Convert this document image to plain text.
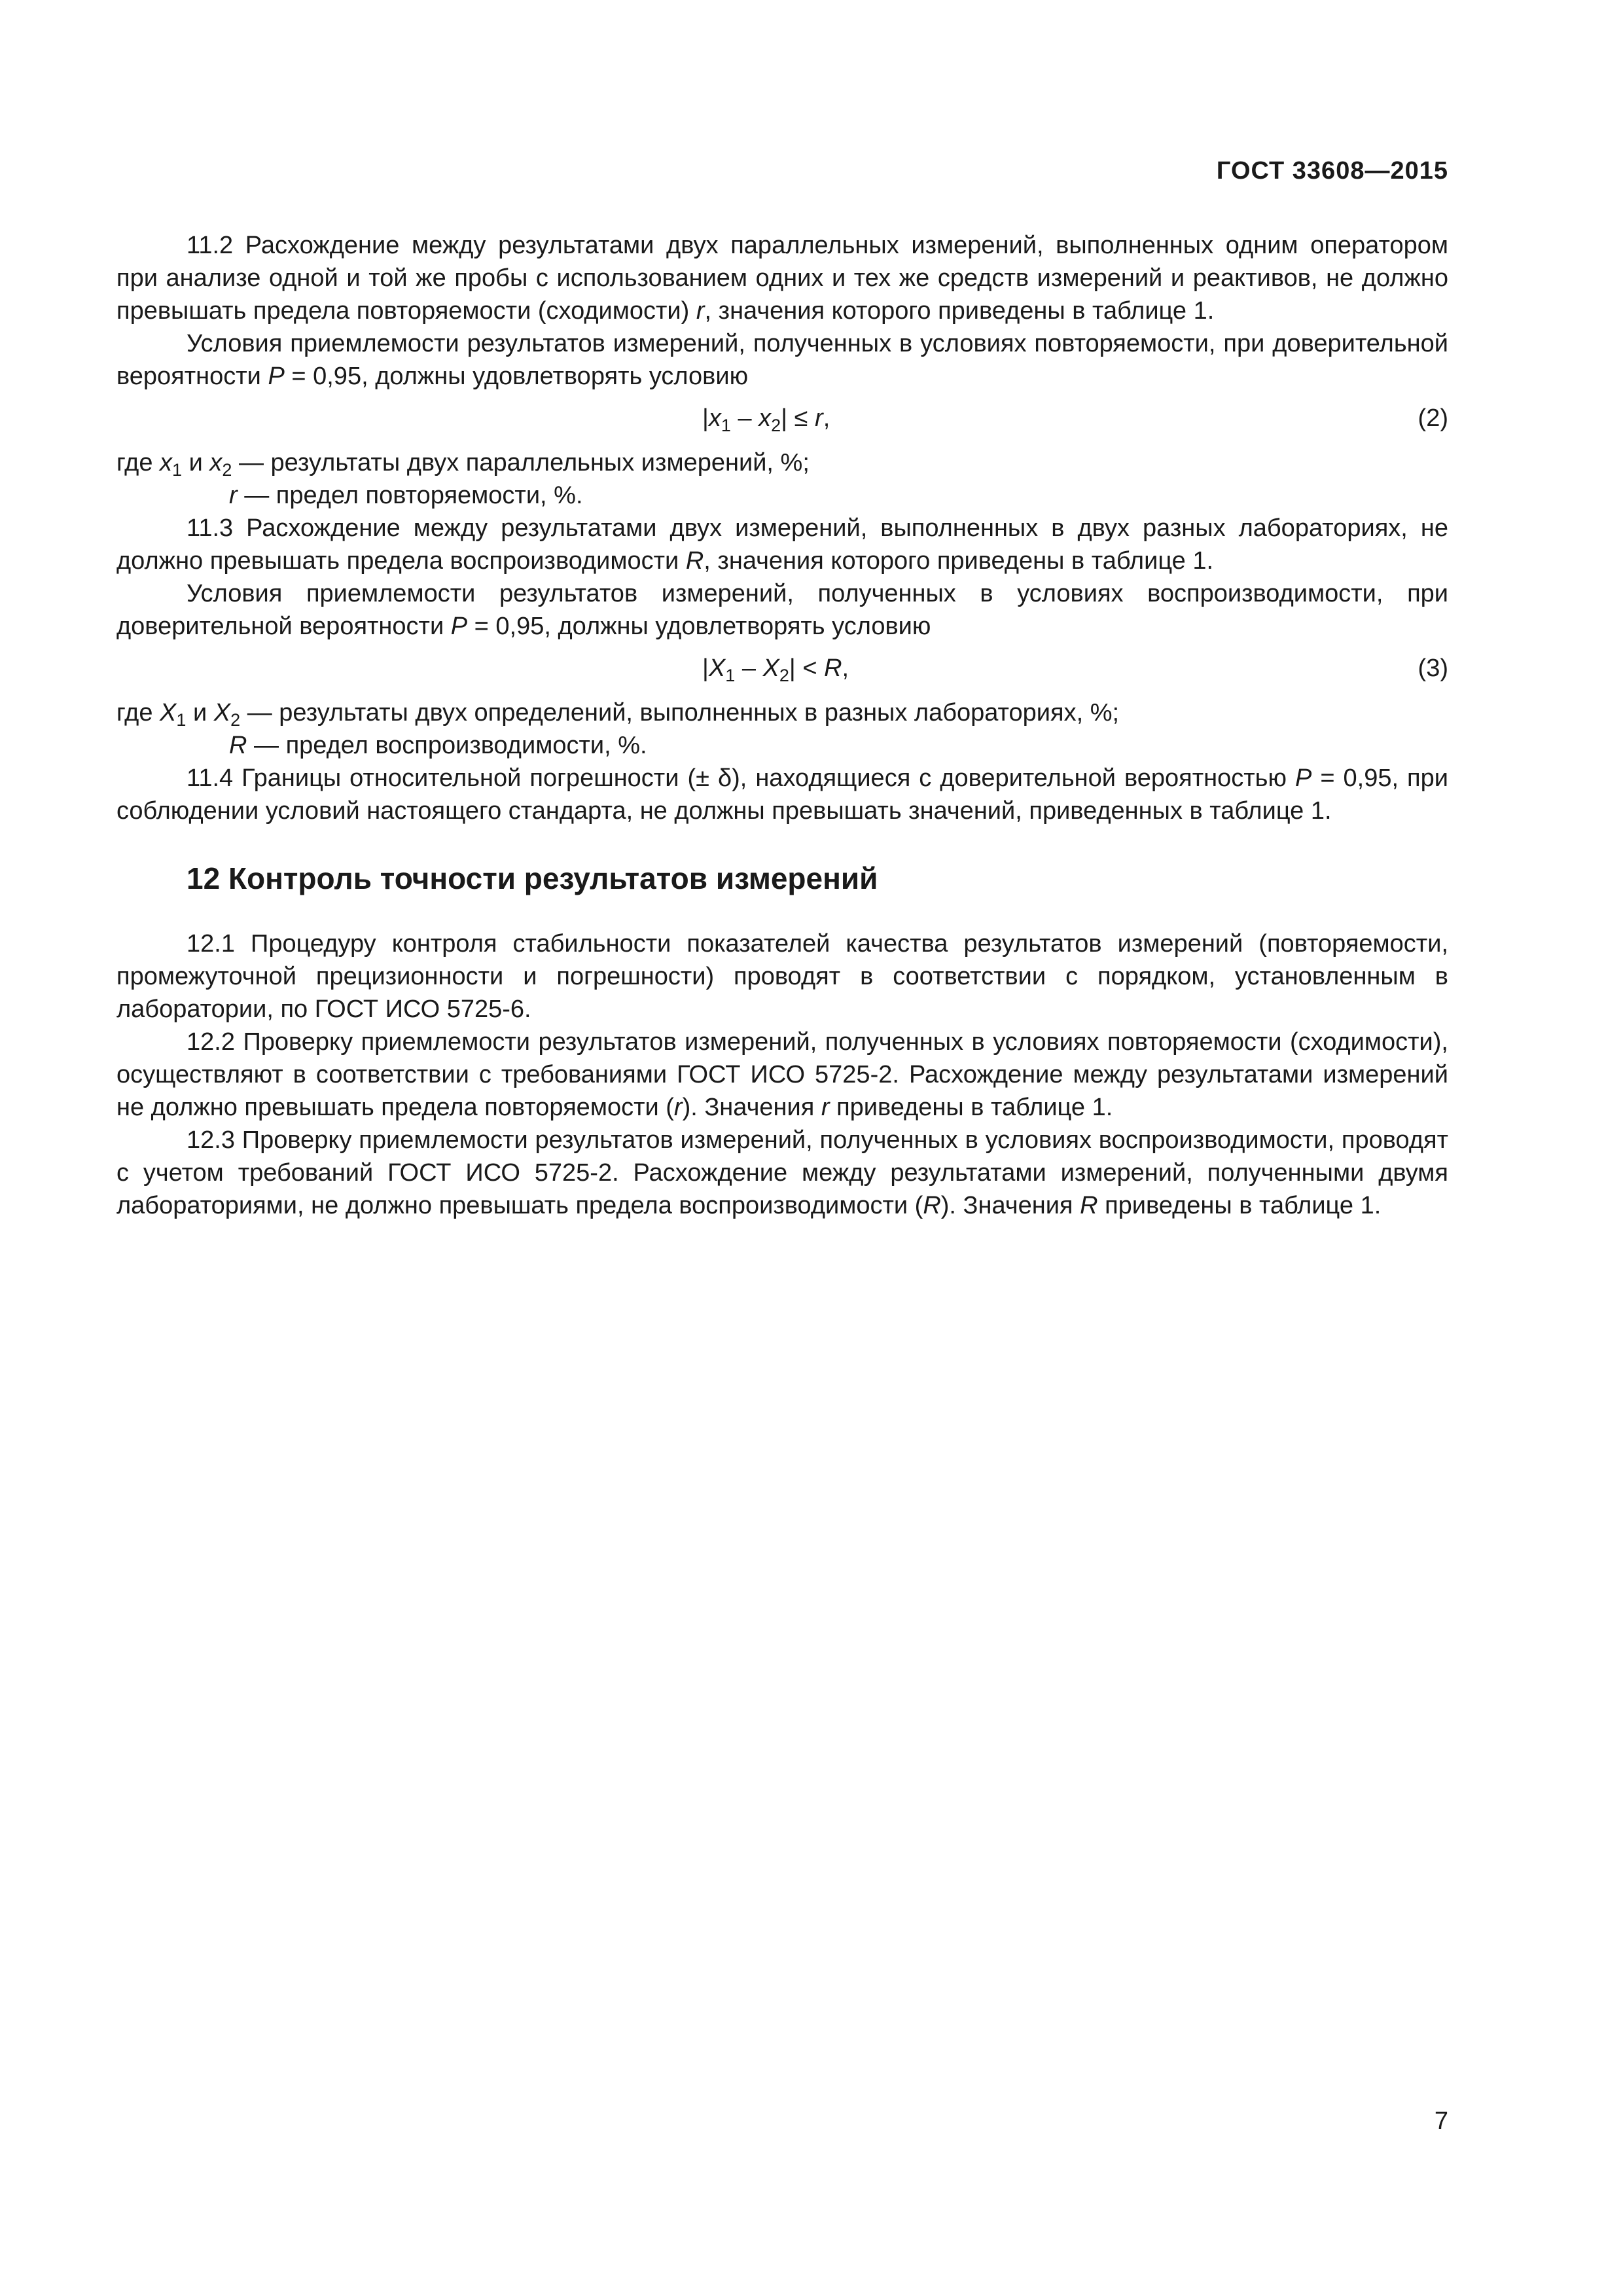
ГОСТ 33608—2015

11.2 Расхождение между результатами двух параллельных измерений, выполненных одним оператором при анализе одной и той же пробы с использованием одних и тех же средств измерений и реактивов, не должно превышать предела повторяемости (сходимости) r, значения которого приведены в таблице 1.

Условия приемлемости результатов измерений, полученных в условиях повторяемости, при доверительной вероятности P = 0,95, должны удовлетворять условию

$|x_1 - x_2| \le r$,	(2)

где $x_1$ и $x_2$ — результаты двух параллельных измерений, %;

r — предел повторяемости, %.

11.3 Расхождение между результатами двух измерений, выполненных в двух разных лабораториях, не должно превышать предела воспроизводимости R, значения которого приведены в таблице 1.

Условия приемлемости результатов измерений, полученных в условиях воспроизводимости, при доверительной вероятности P = 0,95, должны удовлетворять условию

$|X_1 - X_2| < R$,	(3)

где $X_1$ и $X_2$ — результаты двух определений, выполненных в разных лабораториях, %;

R — предел воспроизводимости, %.

11.4 Границы относительной погрешности (± δ), находящиеся с доверительной вероятностью P = 0,95, при соблюдении условий настоящего стандарта, не должны превышать значений, приведенных в таблице 1.

12 Контроль точности результатов измерений

12.1 Процедуру контроля стабильности показателей качества результатов измерений (повторяемости, промежуточной прецизионности и погрешности) проводят в соответствии с порядком, установленным в лаборатории, по ГОСТ ИСО 5725-6.

12.2 Проверку приемлемости результатов измерений, полученных в условиях повторяемости (сходимости), осуществляют в соответствии с требованиями ГОСТ ИСО 5725-2. Расхождение между результатами измерений не должно превышать предела повторяемости (r). Значения r приведены в таблице 1.

12.3 Проверку приемлемости результатов измерений, полученных в условиях воспроизводимости, проводят с учетом требований ГОСТ ИСО 5725-2. Расхождение между результатами измерений, полученными двумя лабораториями, не должно превышать предела воспроизводимости (R). Значения R приведены в таблице 1.

7
